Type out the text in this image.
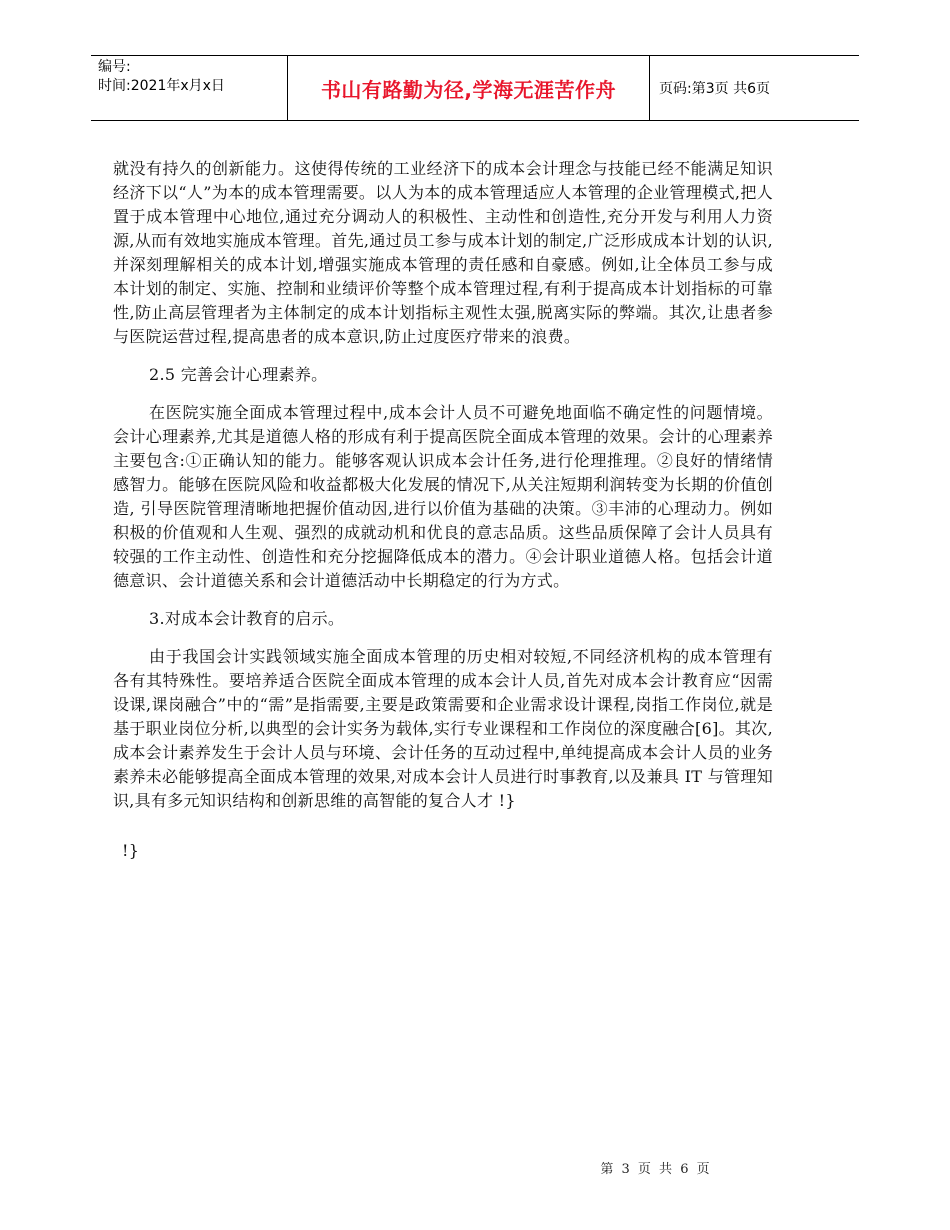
编号:
时间:2021年x月x日	书山有路勤为径,学海无涯苦作舟	页码:第3页 共6页

就没有持久的创新能力。这使得传统的工业经济下的成本会计理念与技能已经不能满足知识经济下以“人”为本的成本管理需要。以人为本的成本管理适应人本管理的企业管理模式,把人置于成本管理中心地位,通过充分调动人的积极性、主动性和创造性,充分开发与利用人力资源,从而有效地实施成本管理。首先,通过员工参与成本计划的制定,广泛形成成本计划的认识,并深刻理解相关的成本计划,增强实施成本管理的责任感和自豪感。例如,让全体员工参与成本计划的制定、实施、控制和业绩评价等整个成本管理过程,有利于提高成本计划指标的可靠性,防止高层管理者为主体制定的成本计划指标主观性太强,脱离实际的弊端。其次,让患者参与医院运营过程,提高患者的成本意识,防止过度医疗带来的浪费。

2.5 完善会计心理素养。

在医院实施全面成本管理过程中,成本会计人员不可避免地面临不确定性的问题情境。会计心理素养,尤其是道德人格的形成有利于提高医院全面成本管理的效果。会计的心理素养主要包含:①正确认知的能力。能够客观认识成本会计任务,进行伦理推理。②良好的情绪情感智力。能够在医院风险和收益都极大化发展的情况下,从关注短期利润转变为长期的价值创造, 引导医院管理清晰地把握价值动因,进行以价值为基础的决策。③丰沛的心理动力。例如积极的价值观和人生观、强烈的成就动机和优良的意志品质。这些品质保障了会计人员具有较强的工作主动性、创造性和充分挖掘降低成本的潜力。④会计职业道德人格。包括会计道德意识、会计道德关系和会计道德活动中长期稳定的行为方式。

3.对成本会计教育的启示。

由于我国会计实践领域实施全面成本管理的历史相对较短,不同经济机构的成本管理有各有其特殊性。要培养适合医院全面成本管理的成本会计人员,首先对成本会计教育应“因需设课,课岗融合”中的“需”是指需要,主要是政策需要和企业需求设计课程,岗指工作岗位,就是基于职业岗位分析,以典型的会计实务为载体,实行专业课程和工作岗位的深度融合[6]。其次,成本会计素养发生于会计人员与环境、会计任务的互动过程中,单纯提高成本会计人员的业务素养未必能够提高全面成本管理的效果,对成本会计人员进行时事教育,以及兼具 IT 与管理知识,具有多元知识结构和创新思维的高智能的复合人才 !}

!}

第 3 页 共 6 页
